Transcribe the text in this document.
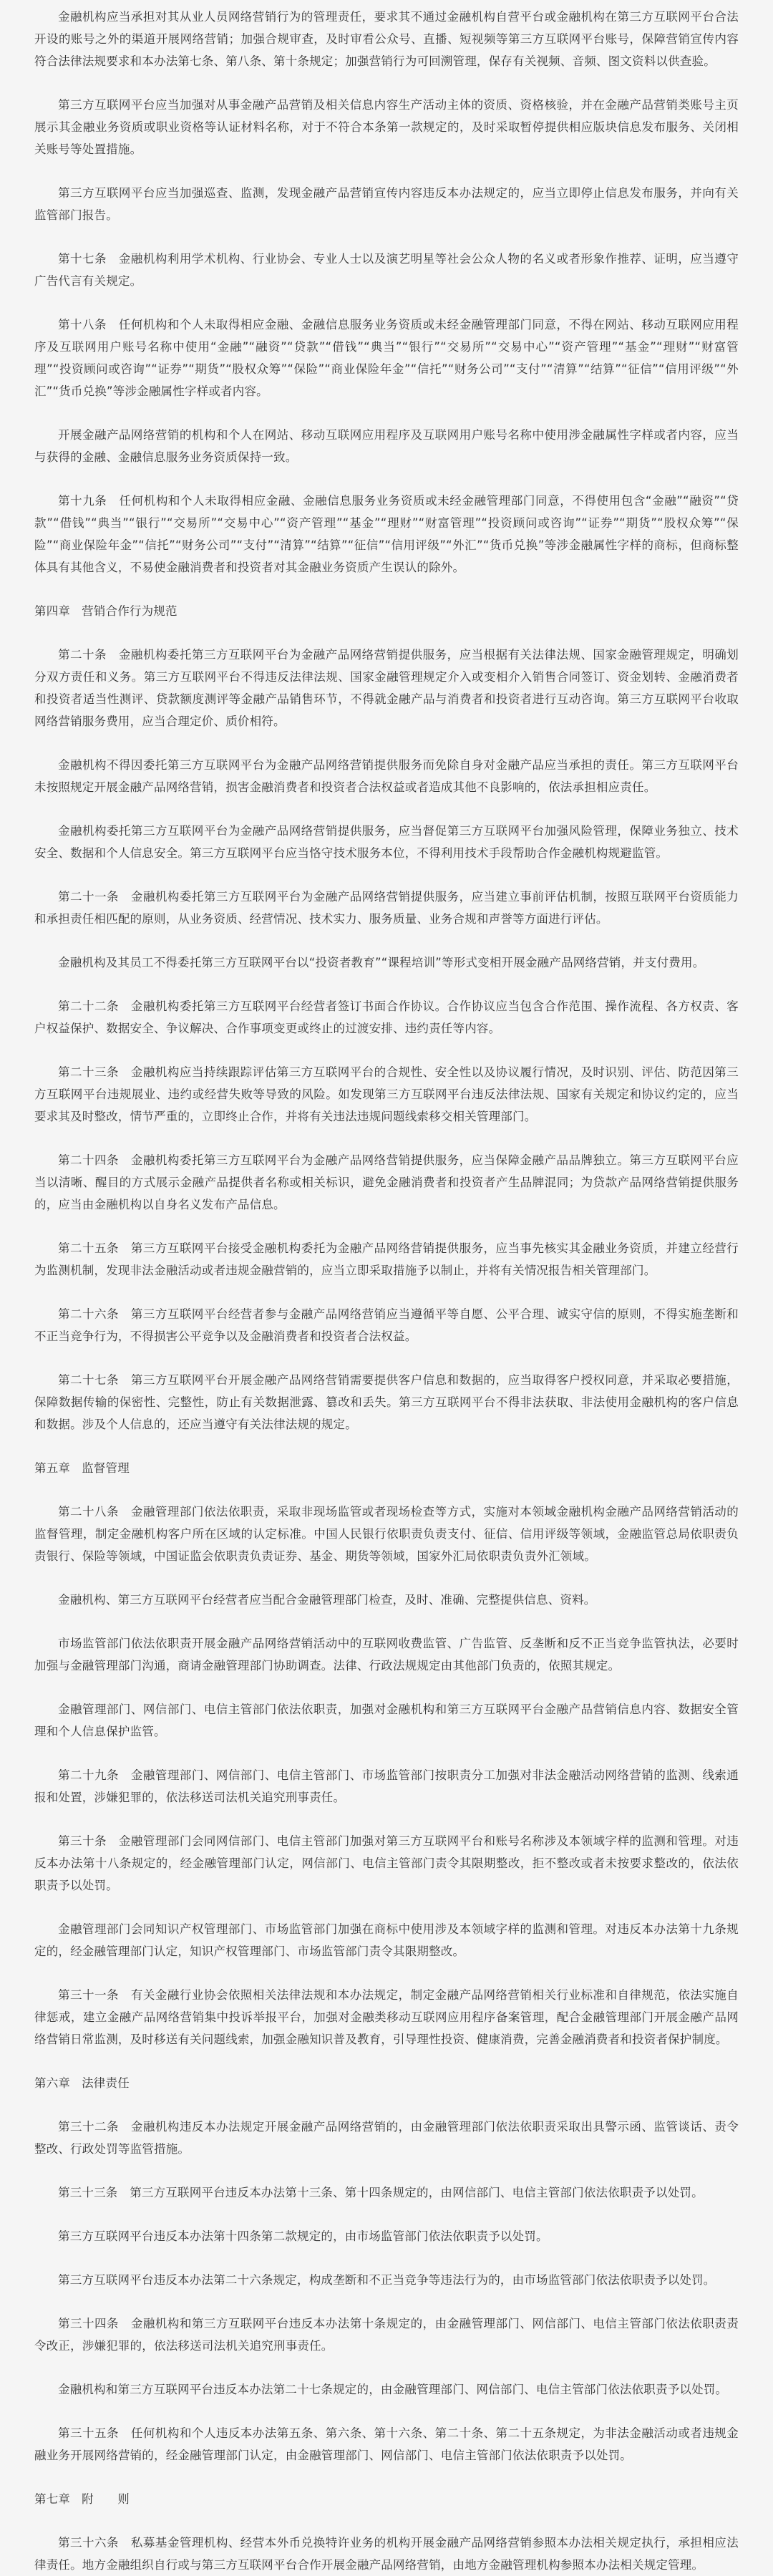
金融机构应当承担对其从业人员网络营销行为的管理责任，要求其不通过金融机构自营平台或金融机构在第三方互联网平台合法开设的账号之外的渠道开展网络营销；加强合规审查，及时审看公众号、直播、短视频等第三方互联网平台账号，保障营销宣传内容符合法律法规要求和本办法第七条、第八条、第十条规定；加强营销行为可回溯管理，保存有关视频、音频、图文资料以供查验。

第三方互联网平台应当加强对从事金融产品营销及相关信息内容生产活动主体的资质、资格核验，并在金融产品营销类账号主页展示其金融业务资质或职业资格等认证材料名称，对于不符合本条第一款规定的，及时采取暂停提供相应版块信息发布服务、关闭相关账号等处置措施。

第三方互联网平台应当加强巡查、监测，发现金融产品营销宣传内容违反本办法规定的，应当立即停止信息发布服务，并向有关监管部门报告。

第十七条　金融机构利用学术机构、行业协会、专业人士以及演艺明星等社会公众人物的名义或者形象作推荐、证明，应当遵守广告代言有关规定。

第十八条　任何机构和个人未取得相应金融、金融信息服务业务资质或未经金融管理部门同意，不得在网站、移动互联网应用程序及互联网用户账号名称中使用“金融”“融资”“贷款”“借钱”“典当”“银行”“交易所”“交易中心”“资产管理”“基金”“理财”“财富管理”“投资顾问或咨询”“证券”“期货”“股权众筹”“保险”“商业保险年金”“信托”“财务公司”“支付”“清算”“结算”“征信”“信用评级”“外汇”“货币兑换”等涉金融属性字样或者内容。

开展金融产品网络营销的机构和个人在网站、移动互联网应用程序及互联网用户账号名称中使用涉金融属性字样或者内容，应当与获得的金融、金融信息服务业务资质保持一致。

第十九条　任何机构和个人未取得相应金融、金融信息服务业务资质或未经金融管理部门同意，不得使用包含“金融”“融资”“贷款”“借钱”“典当”“银行”“交易所”“交易中心”“资产管理”“基金”“理财”“财富管理”“投资顾问或咨询”“证券”“期货”“股权众筹”“保险”“商业保险年金”“信托”“财务公司”“支付”“清算”“结算”“征信”“信用评级”“外汇”“货币兑换”等涉金融属性字样的商标，但商标整体具有其他含义，不易使金融消费者和投资者对其金融业务资质产生误认的除外。

第四章 营销合作行为规范

第二十条　金融机构委托第三方互联网平台为金融产品网络营销提供服务，应当根据有关法律法规、国家金融管理规定，明确划分双方责任和义务。第三方互联网平台不得违反法律法规、国家金融管理规定介入或变相介入销售合同签订、资金划转、金融消费者和投资者适当性测评、贷款额度测评等金融产品销售环节，不得就金融产品与消费者和投资者进行互动咨询。第三方互联网平台收取网络营销服务费用，应当合理定价、质价相符。

金融机构不得因委托第三方互联网平台为金融产品网络营销提供服务而免除自身对金融产品应当承担的责任。第三方互联网平台未按照规定开展金融产品网络营销，损害金融消费者和投资者合法权益或者造成其他不良影响的，依法承担相应责任。

金融机构委托第三方互联网平台为金融产品网络营销提供服务，应当督促第三方互联网平台加强风险管理，保障业务独立、技术安全、数据和个人信息安全。第三方互联网平台应当恪守技术服务本位，不得利用技术手段帮助合作金融机构规避监管。

第二十一条　金融机构委托第三方互联网平台为金融产品网络营销提供服务，应当建立事前评估机制，按照互联网平台资质能力和承担责任相匹配的原则，从业务资质、经营情况、技术实力、服务质量、业务合规和声誉等方面进行评估。

金融机构及其员工不得委托第三方互联网平台以“投资者教育”“课程培训”等形式变相开展金融产品网络营销，并支付费用。

第二十二条　金融机构委托第三方互联网平台经营者签订书面合作协议。合作协议应当包含合作范围、操作流程、各方权责、客户权益保护、数据安全、争议解决、合作事项变更或终止的过渡安排、违约责任等内容。

第二十三条　金融机构应当持续跟踪评估第三方互联网平台的合规性、安全性以及协议履行情况，及时识别、评估、防范因第三方互联网平台违规展业、违约或经营失败等导致的风险。如发现第三方互联网平台违反法律法规、国家有关规定和协议约定的，应当要求其及时整改，情节严重的，立即终止合作，并将有关违法违规问题线索移交相关管理部门。

第二十四条　金融机构委托第三方互联网平台为金融产品网络营销提供服务，应当保障金融产品品牌独立。第三方互联网平台应当以清晰、醒目的方式展示金融产品提供者名称或相关标识，避免金融消费者和投资者产生品牌混同；为贷款产品网络营销提供服务的，应当由金融机构以自身名义发布产品信息。

第二十五条　第三方互联网平台接受金融机构委托为金融产品网络营销提供服务，应当事先核实其金融业务资质，并建立经营行为监测机制，发现非法金融活动或者违规金融营销的，应当立即采取措施予以制止，并将有关情况报告相关管理部门。

第二十六条　第三方互联网平台经营者参与金融产品网络营销应当遵循平等自愿、公平合理、诚实守信的原则，不得实施垄断和不正当竞争行为，不得损害公平竞争以及金融消费者和投资者合法权益。

第二十七条　第三方互联网平台开展金融产品网络营销需要提供客户信息和数据的，应当取得客户授权同意，并采取必要措施，保障数据传输的保密性、完整性，防止有关数据泄露、篡改和丢失。第三方互联网平台不得非法获取、非法使用金融机构的客户信息和数据。涉及个人信息的，还应当遵守有关法律法规的规定。

第五章 监督管理

第二十八条　金融管理部门依法依职责，采取非现场监管或者现场检查等方式，实施对本领域金融机构金融产品网络营销活动的监督管理，制定金融机构客户所在区域的认定标准。中国人民银行依职责负责支付、征信、信用评级等领域，金融监管总局依职责负责银行、保险等领域，中国证监会依职责负责证券、基金、期货等领域，国家外汇局依职责负责外汇领域。

金融机构、第三方互联网平台经营者应当配合金融管理部门检查，及时、准确、完整提供信息、资料。

市场监管部门依法依职责开展金融产品网络营销活动中的互联网收费监管、广告监管、反垄断和反不正当竞争监管执法，必要时加强与金融管理部门沟通，商请金融管理部门协助调查。法律、行政法规规定由其他部门负责的，依照其规定。

金融管理部门、网信部门、电信主管部门依法依职责，加强对金融机构和第三方互联网平台金融产品营销信息内容、数据安全管理和个人信息保护监管。

第二十九条　金融管理部门、网信部门、电信主管部门、市场监管部门按职责分工加强对非法金融活动网络营销的监测、线索通报和处置，涉嫌犯罪的，依法移送司法机关追究刑事责任。

第三十条　金融管理部门会同网信部门、电信主管部门加强对第三方互联网平台和账号名称涉及本领域字样的监测和管理。对违反本办法第十八条规定的，经金融管理部门认定，网信部门、电信主管部门责令其限期整改，拒不整改或者未按要求整改的，依法依职责予以处罚。

金融管理部门会同知识产权管理部门、市场监管部门加强在商标中使用涉及本领域字样的监测和管理。对违反本办法第十九条规定的，经金融管理部门认定，知识产权管理部门、市场监管部门责令其限期整改。

第三十一条　有关金融行业协会依照相关法律法规和本办法规定，制定金融产品网络营销相关行业标准和自律规范，依法实施自律惩戒，建立金融产品网络营销集中投诉举报平台，加强对金融类移动互联网应用程序备案管理，配合金融管理部门开展金融产品网络营销日常监测，及时移送有关问题线索，加强金融知识普及教育，引导理性投资、健康消费，完善金融消费者和投资者保护制度。

第六章 法律责任

第三十二条　金融机构违反本办法规定开展金融产品网络营销的，由金融管理部门依法依职责采取出具警示函、监管谈话、责令整改、行政处罚等监管措施。

第三十三条　第三方互联网平台违反本办法第十三条、第十四条规定的，由网信部门、电信主管部门依法依职责予以处罚。

第三方互联网平台违反本办法第十四条第二款规定的，由市场监管部门依法依职责予以处罚。

第三方互联网平台违反本办法第二十六条规定，构成垄断和不正当竞争等违法行为的，由市场监管部门依法依职责予以处罚。

第三十四条　金融机构和第三方互联网平台违反本办法第十条规定的，由金融管理部门、网信部门、电信主管部门依法依职责责令改正，涉嫌犯罪的，依法移送司法机关追究刑事责任。

金融机构和第三方互联网平台违反本办法第二十七条规定的，由金融管理部门、网信部门、电信主管部门依法依职责予以处罚。

第三十五条　任何机构和个人违反本办法第五条、第六条、第十六条、第二十条、第二十五条规定，为非法金融活动或者违规金融业务开展网络营销的，经金融管理部门认定，由金融管理部门、网信部门、电信主管部门依法依职责予以处罚。

第七章 附　　则

第三十六条　私募基金管理机构、经营本外币兑换特许业务的机构开展金融产品网络营销参照本办法相关规定执行，承担相应法律责任。地方金融组织自行或与第三方互联网平台合作开展金融产品网络营销，由地方金融管理机构参照本办法相关规定管理。
